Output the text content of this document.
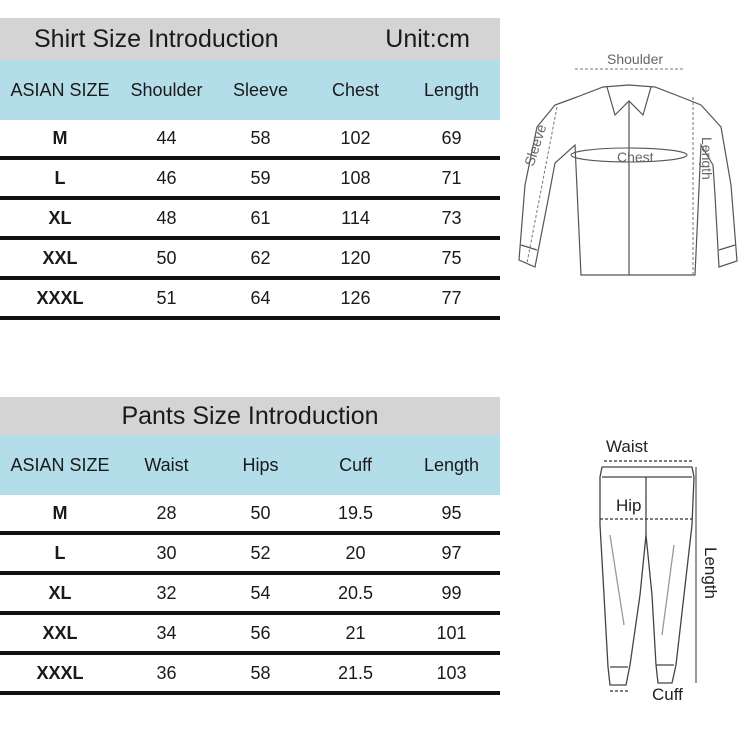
Shirt Size Introduction	Unit:cm
ASIAN SIZE	Shoulder	Sleeve	Chest	Length
M	44	58	102	69
L	46	59	108	71
XL	48	61	114	73
XXL	50	62	120	75
XXXL	51	64	126	77
Shoulder
Chest
Sleeve	Length
Pants Size Introduction
ASIAN SIZE	Waist	Hips	Cuff	Length
M	28	50	19.5	95
L	30	52	20	97
XL	32	54	20.5	99
XXL	34	56	21	101
XXXL	36	58	21.5	103
Waist
Hip
Length
Cuff
